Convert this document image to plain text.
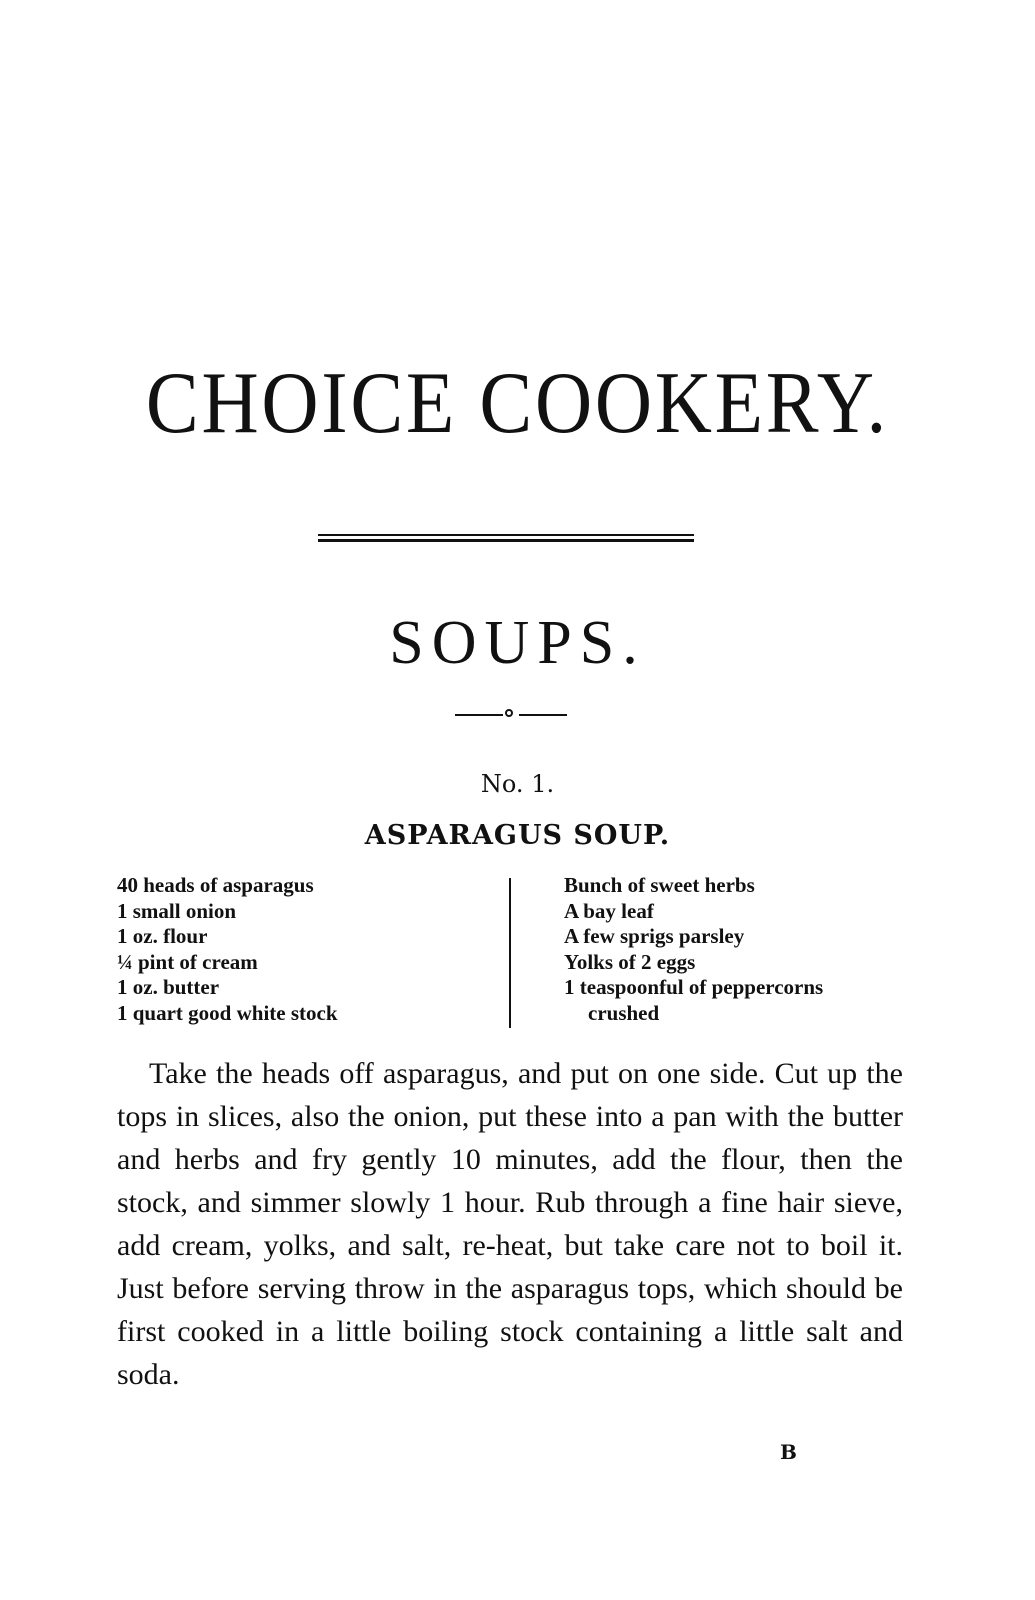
CHOICE COOKERY.
SOUPS.

No. 1.

ASPARAGUS SOUP.
40 heads of asparagus
1 small onion
1 oz. flour
¼ pint of cream
1 oz. butter
1 quart good white stock
Bunch of sweet herbs
A bay leaf
A few sprigs parsley
Yolks of 2 eggs
1 teaspoonful of peppercorns
crushed

Take the heads off asparagus, and put on one side. Cut up the tops in slices, also the onion, put these into a pan with the butter and herbs and fry gently 10 minutes, add the flour, then the stock, and simmer slowly 1 hour. Rub through a fine hair sieve, add cream, yolks, and salt, re-heat, but take care not to boil it. Just before serving throw in the asparagus tops, which should be first cooked in a little boiling stock containing a little salt and soda.

B
